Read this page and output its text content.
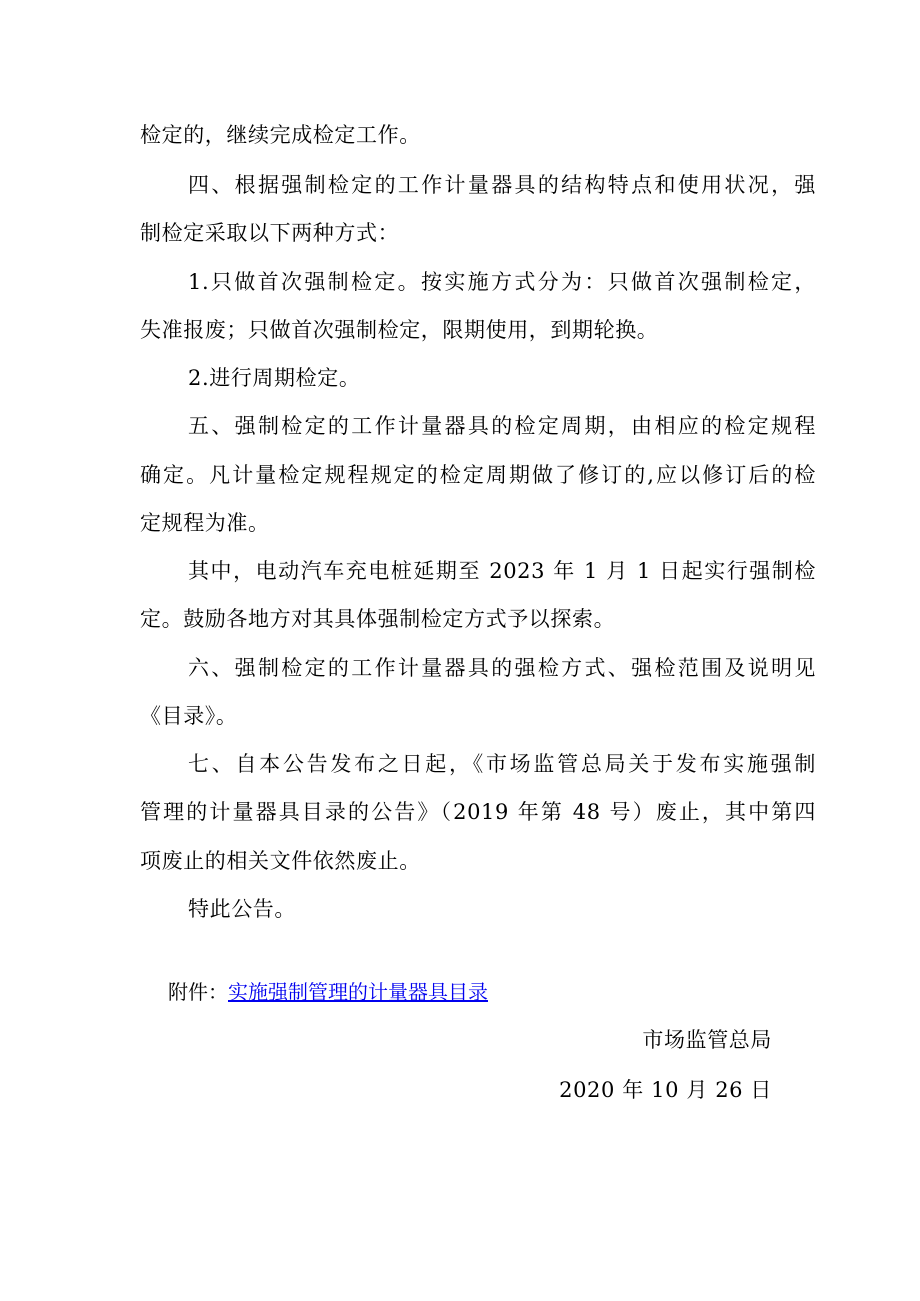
检定的，继续完成检定工作。
四、根据强制检定的工作计量器具的结构特点和使用状况，强
制检定采取以下两种方式：
1.只做首次强制检定。按实施方式分为：只做首次强制检定，
失准报废；只做首次强制检定，限期使用，到期轮换。
2.进行周期检定。
五、强制检定的工作计量器具的检定周期，由相应的检定规程
确定。凡计量检定规程规定的检定周期做了修订的,应以修订后的检
定规程为准。
其中，电动汽车充电桩延期至 2023 年 1 月 1 日起实行强制检
定。鼓励各地方对其具体强制检定方式予以探索。
六、强制检定的工作计量器具的强检方式、强检范围及说明见
《目录》。
七、自本公告发布之日起，《市场监管总局关于发布实施强制
管理的计量器具目录的公告》（2019 年第 48 号）废止，其中第四
项废止的相关文件依然废止。
特此公告。
附件：实施强制管理的计量器具目录
市场监管总局
2020 年 10 月 26 日
